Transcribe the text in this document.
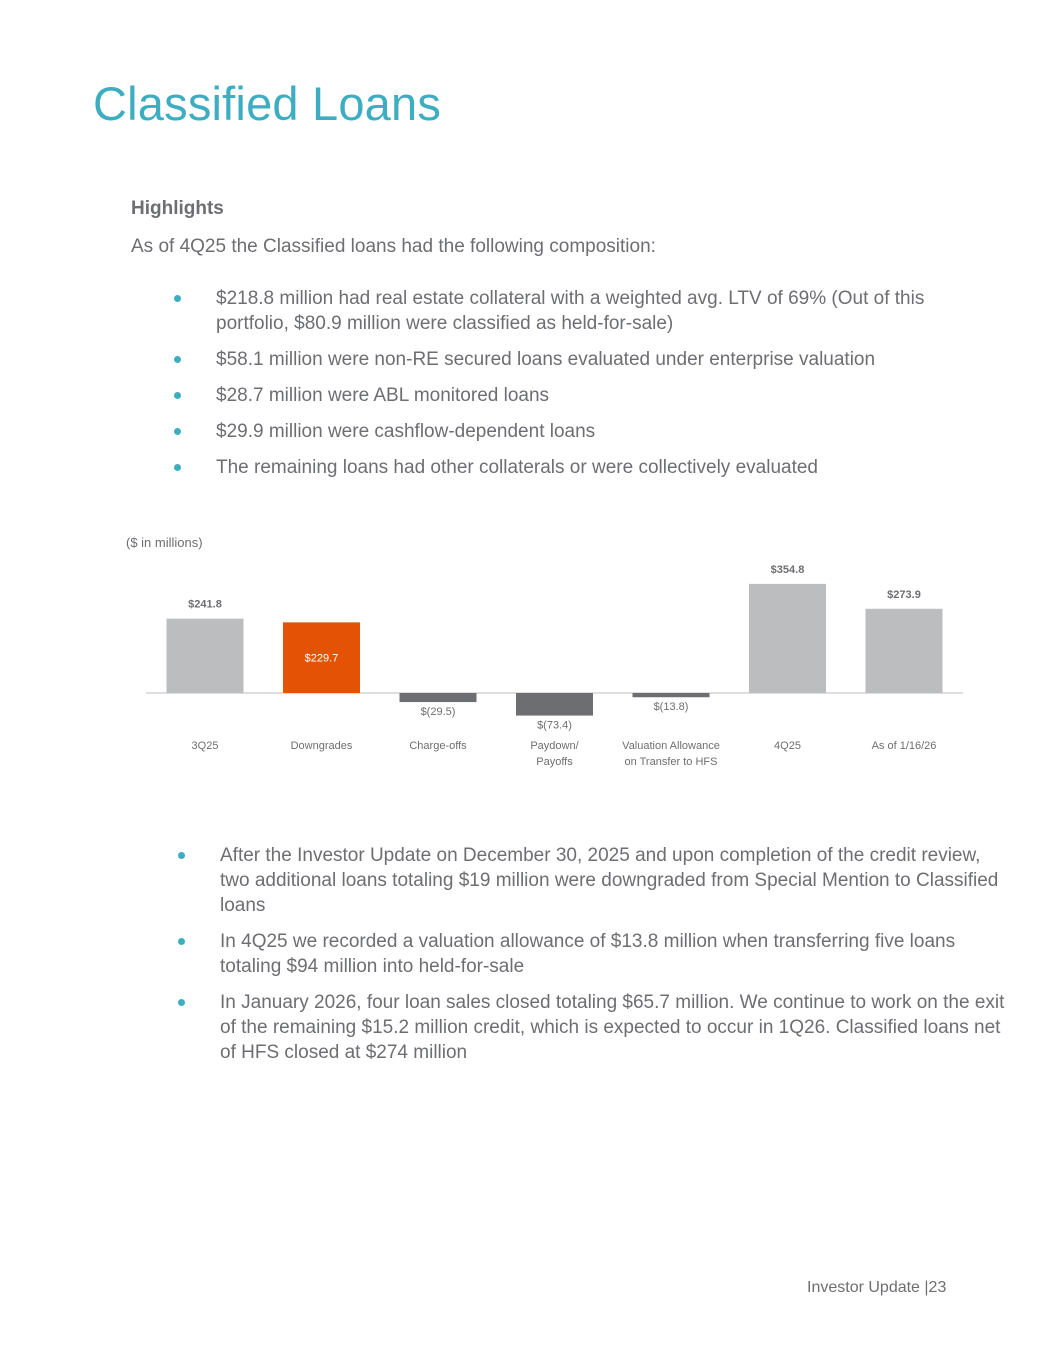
Classified Loans
Highlights
As of 4Q25 the Classified loans had the following composition:
$218.8 million had real estate collateral with a weighted avg. LTV of 69% (Out of this portfolio, $80.9 million were classified as held-for-sale)
$58.1 million were non-RE secured loans evaluated under enterprise valuation
$28.7 million were ABL monitored loans
$29.9 million were cashflow-dependent loans
The remaining loans had other collaterals or were collectively evaluated
($ in millions)
$241.8
3Q25
$229.7
Downgrades
$(29.5)
Charge-offs
$(73.4)
Paydown/
Payoffs
$(13.8)
Valuation Allowance
on Transfer to HFS
$354.8
4Q25
$273.9
As of 1/16/26
After the Investor Update on December 30, 2025 and upon completion of the credit review, two additional loans totaling $19 million were downgraded from Special Mention to Classified loans
In 4Q25 we recorded a valuation allowance of $13.8 million when transferring five loans totaling $94 million into held-for-sale
In January 2026, four loan sales closed totaling $65.7 million. We continue to work on the exit of the remaining $15.2 million credit, which is expected to occur in 1Q26. Classified loans net of HFS closed at $274 million
Investor Update |23
